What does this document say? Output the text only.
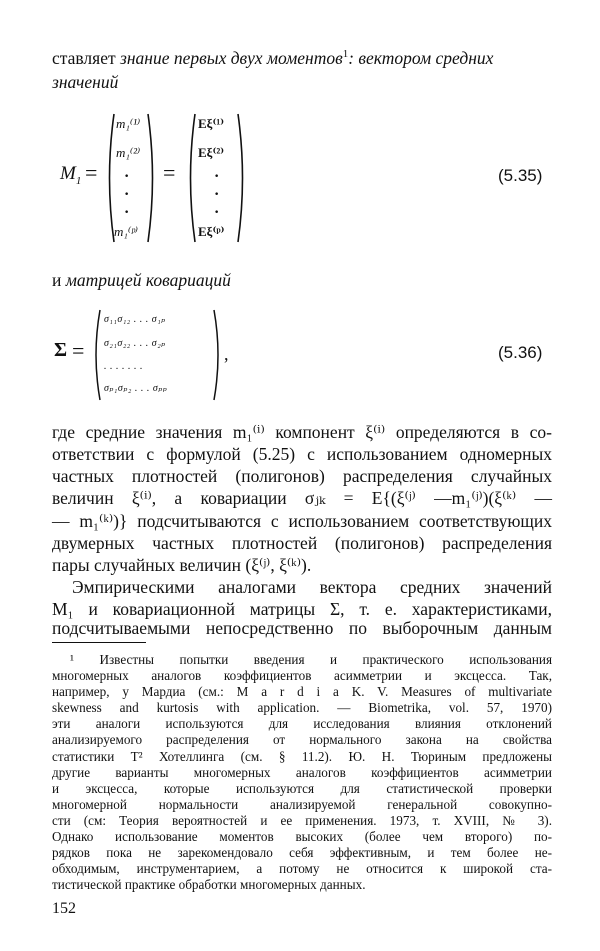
ставляет знание первых двух моментов$^1$: вектором средних
значений
$M_1$ =
m₁⁽¹⁾
m₁⁽²⁾
·
·
·
m₁⁽ᵖ⁾
=
Eξ⁽¹⁾
Eξ⁽²⁾
·
·
·
Eξ⁽ᵖ⁾
(5.35)
и матрицей ковариаций
Σ =
σ₁₁σ₁₂ . . . σ₁ₚ
σ₂₁σ₂₂ . . . σ₂ₚ
. . . . . . .
σₚ₁σₚ₂ . . . σₚₚ
,	(5.36)
где средние значения m₁⁽ⁱ⁾ компонент ξ⁽ⁱ⁾ определяются в со-
ответствии с формулой (5.25) с использованием одномерных
частных плотностей (полигонов) распределения случайных
величин ξ⁽ⁱ⁾, а ковариации σⱼₖ = E{(ξ⁽ʲ⁾ —m₁⁽ʲ⁾)(ξ⁽ᵏ⁾ —
— m₁⁽ᵏ⁾)} подсчитываются с использованием соответствующих
двумерных частных плотностей (полигонов) распределения
пары случайных величин (ξ⁽ʲ⁾, ξ⁽ᵏ⁾).
Эмпирическими аналогами вектора средних значений
M₁ и ковариационной матрицы Σ, т. е. характеристиками,
подсчитываемыми непосредственно по выборочным данным
¹ Известны попытки введения и практического использования
многомерных аналогов коэффициентов асимметрии и эксцесса. Так,
например, у Мардиа (см.: M a r d i a K. V. Measures of multivariate
skewness and kurtosis with application. — Biometrika, vol. 57, 1970)
эти аналоги используются для исследования влияния отклонений
анализируемого распределения от нормального закона на свойства
статистики T² Хотеллинга (см. § 11.2). Ю. Н. Тюриным предложены
другие варианты многомерных аналогов коэффициентов асимметрии
и эксцесса, которые используются для статистической проверки
многомерной нормальности анализируемой генеральной совокупно-
сти (см: Теория вероятностей и ее применения. 1973, т. XVIII, № 3).
Однако использование моментов высоких (более чем второго) по-
рядков пока не зарекомендовало себя эффективным, и тем более не-
обходимым, инструментарием, а потому не относится к широкой ста-
тистической практике обработки многомерных данных.
152
